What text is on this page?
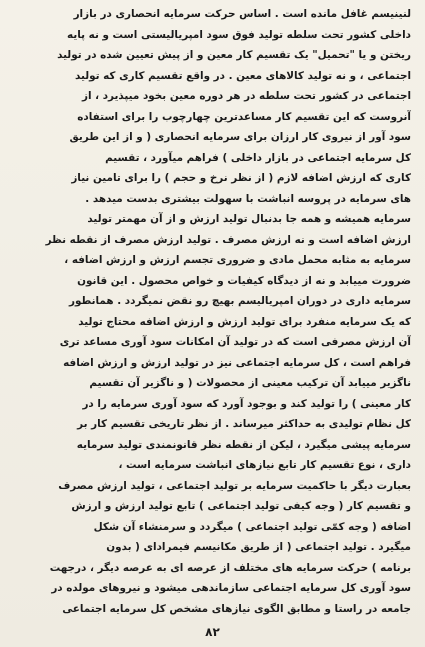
لنينيسم غافل مانده است . اساس حرکت سرمايه انحصاری در بازار
داخلی کشور تحت سلطه توليد فوق سود امپرياليستی است و نه پايه
ريختن و يا "تحميل" يک تقسيم کار معين و از پيش تعيين شده در توليد
اجتماعی ، و نه توليد کالاهای معين . در واقع تقسيم کاری که توليد
اجتماعی در کشور تحت سلطه در هر دوره معين بخود ميپذيرد ، از
آنروست که اين تقسيم کار مساعدترين چهارچوب را برای استفاده
سود آور از نيروی کار ارزان برای سرمايه انحصاری ( و از اين طريق
کل سرمايه اجتماعی در بازار داخلی ) فراهم ميآورد ، تقسيم
کاری که ارزش اضافه لازم ( از نظر نرخ و حجم ) را برای تامين نياز
های سرمايه در پروسه انباشت با سهولت بيشتری بدست ميدهد .
سرمايه هميشه و همه جا بدنبال توليد ارزش و از آن مهمتر توليد
ارزش اضافه است و نه ارزش مصرف . توليد ارزش مصرف از نقطه نظر
سرمايه به مثابه محمل مادی و ضروری تجسم ارزش و ارزش اضافه ،
ضرورت مييابد و نه از ديدگاه کيفيات و خواص محصول . اين قانون
سرمايه داری در دوران امپرياليسم بهيچ رو نقض نميگردد . همانطور
که يک سرمايه منفرد برای توليد ارزش و ارزش اضافه محتاج توليد
آن ارزش مصرفی است که در توليد آن امکانات سود آوری مساعد تری
فراهم است ، کل سرمايه اجتماعی نيز در توليد ارزش و ارزش اضافه
ناگزير مييابد آن ترکيب معينی از محصولات ( و ناگزير آن تقسيم
کار معينی ) را توليد کند و بوجود آورد که سود آوری سرمايه را در
کل نظام توليدی به حداکثر ميرساند . از نظر تاريخی تقسيم کار بر
سرمايه پيشی ميگيرد ، ليکن از نقطه نظر قانونمندی توليد سرمايه
داری ، نوع تقسيم کار تابع نيازهای انباشت سرمايه است ،
بعبارت ديگر با حاکميت سرمايه بر توليد اجتماعی ، توليد ارزش مصرف
و تقسيم کار ( وجه کيفی توليد اجتماعی ) تابع توليد ارزش و ارزش
اضافه ( وجه کمّی توليد اجتماعی ) ميگردد و سرمنشاء آن شکل
ميگيرد . توليد اجتماعی ( از طريق مکانيسم فيمرادای ( بدون
برنامه ) حرکت سرمايه های مختلف از عرصه ای به عرصه ديگر ، درجهت
سود آوری کل سرمايه اجتماعی سازماندهی ميشود و نيروهای مولده در
جامعه در راستا و مطابق الگوی نيازهای مشخص کل سرمايه اجتماعی
۸۲
